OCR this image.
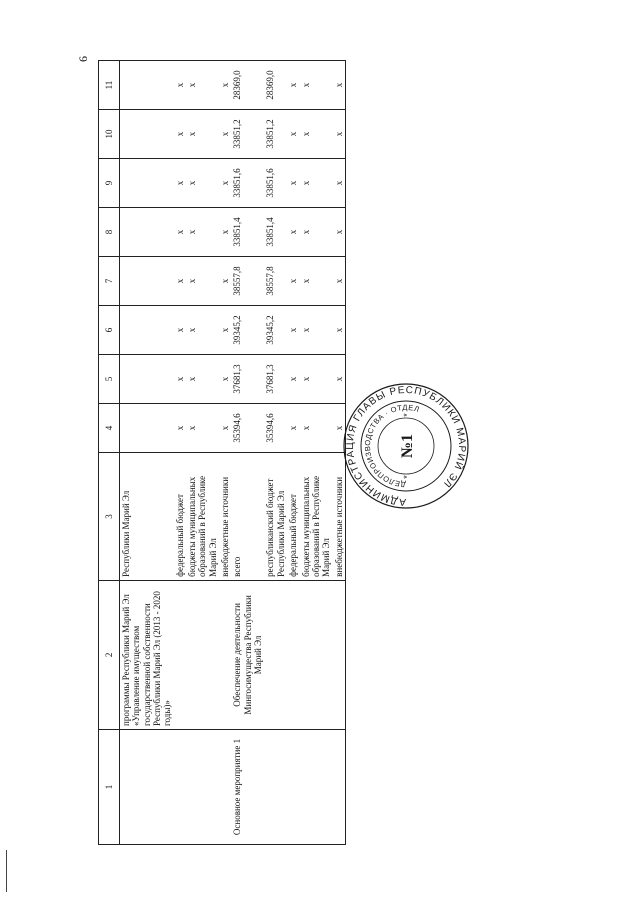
6
1	2	3	4	5	6	7	8	9	10	11
	программы Республики Марий Эл «Управление имуществом государственной собственности Республики Марий Эл (2013 - 2020 годы)»	Республики Марий Эл								
		федеральный бюджет	х	х	х	х	х	х	х	х
		бюджеты муниципальных образований в Республике Марий Эл	х	х	х	х	х	х	х	х
		внебюджетные источники	х	х	х	х	х	х	х	х
Основное мероприятие 1	Обеспечение деятельности Мингосимущества Республики Марий Эл	всего	35394,6	37681,3	39345,2	38557,8	33851,4	33851,6	33851,2	28369,0
		республиканский бюджет Республики Марий Эл	35394,6	37681,3	39345,2	38557,8	33851,4	33851,6	33851,2	28369,0
		федеральный бюджет	х	х	х	х	х	х	х	х
		бюджеты муниципальных образований в Республике Марий Эл	х	х	х	х	х	х	х	х
		внебюджетные источники	х	х	х	х	х	х	х	х
АДМИНИСТРАЦИЯ ГЛАВЫ РЕСПУБЛИКИ МАРИЙ ЭЛ
ДЕЛОПРОИЗВОДСТВА · ОТДЕЛ
№1
*
*
